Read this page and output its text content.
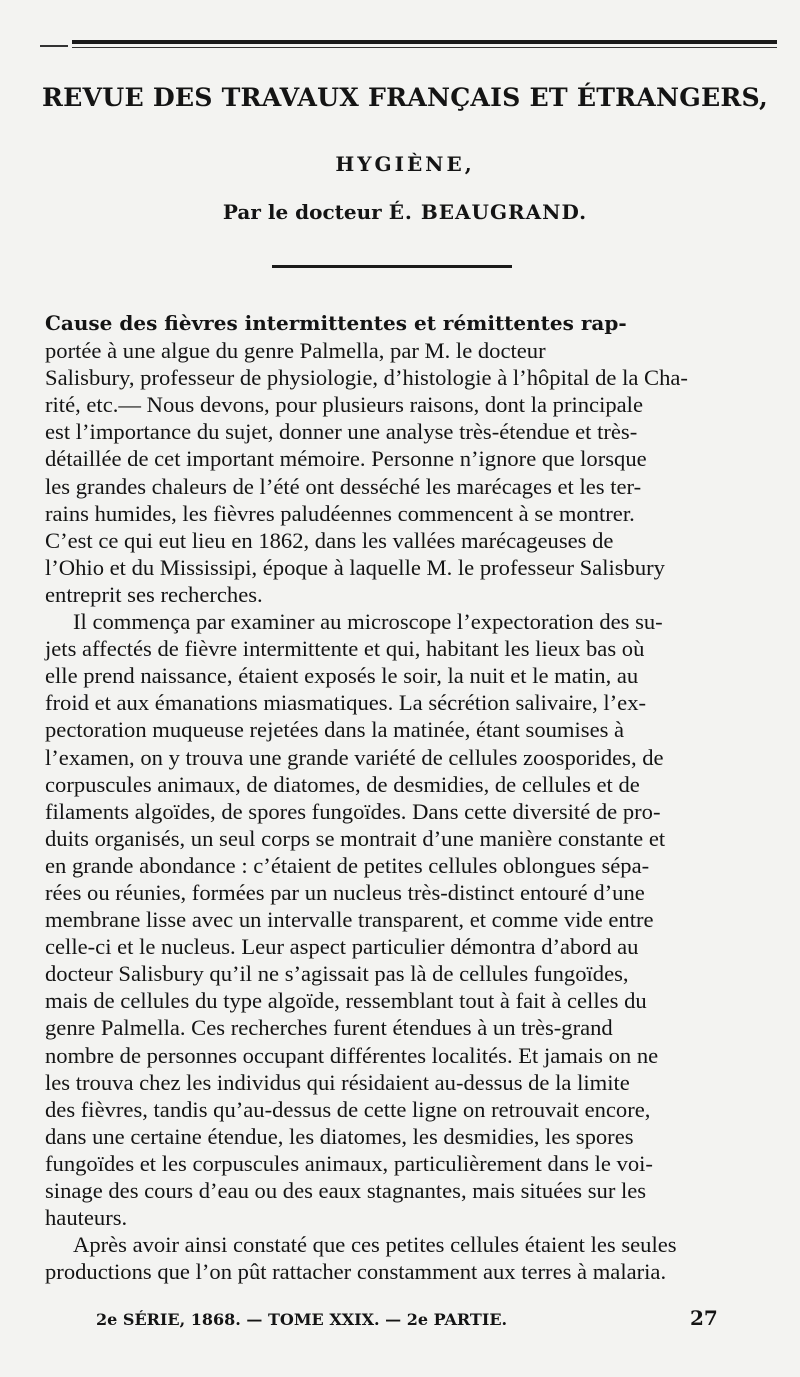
REVUE DES TRAVAUX FRANÇAIS ET ÉTRANGERS,
HYGIÈNE,
Par le docteur É. BEAUGRAND.

Cause des fièvres intermittentes et rémittentes rap-

portée à une algue du genre Palmella, par M. le docteur

Salisbury, professeur de physiologie, d’histologie à l’hôpital de la Cha-

rité, etc.— Nous devons, pour plusieurs raisons, dont la principale

est l’importance du sujet, donner une analyse très-étendue et très-

détaillée de cet important mémoire. Personne n’ignore que lorsque

les grandes chaleurs de l’été ont desséché les marécages et les ter-

rains humides, les fièvres paludéennes commencent à se montrer.

C’est ce qui eut lieu en 1862, dans les vallées marécageuses de

l’Ohio et du Mississipi, époque à laquelle M. le professeur Salisbury

entreprit ses recherches.

Il commença par examiner au microscope l’expectoration des su-

jets affectés de fièvre intermittente et qui, habitant les lieux bas où

elle prend naissance, étaient exposés le soir, la nuit et le matin, au

froid et aux émanations miasmatiques. La sécrétion salivaire, l’ex-

pectoration muqueuse rejetées dans la matinée, étant soumises à

l’examen, on y trouva une grande variété de cellules zoosporides, de

corpuscules animaux, de diatomes, de desmidies, de cellules et de

filaments algoïdes, de spores fungoïdes. Dans cette diversité de pro-

duits organisés, un seul corps se montrait d’une manière constante et

en grande abondance : c’étaient de petites cellules oblongues sépa-

rées ou réunies, formées par un nucleus très-distinct entouré d’une

membrane lisse avec un intervalle transparent, et comme vide entre

celle-ci et le nucleus. Leur aspect particulier démontra d’abord au

docteur Salisbury qu’il ne s’agissait pas là de cellules fungoïdes,

mais de cellules du type algoïde, ressemblant tout à fait à celles du

genre Palmella. Ces recherches furent étendues à un très-grand

nombre de personnes occupant différentes localités. Et jamais on ne

les trouva chez les individus qui résidaient au-dessus de la limite

des fièvres, tandis qu’au-dessus de cette ligne on retrouvait encore,

dans une certaine étendue, les diatomes, les desmidies, les spores

fungoïdes et les corpuscules animaux, particulièrement dans le voi-

sinage des cours d’eau ou des eaux stagnantes, mais situées sur les

hauteurs.

Après avoir ainsi constaté que ces petites cellules étaient les seules

productions que l’on pût rattacher constamment aux terres à malaria.

2e SÉRIE, 1868. — TOME XXIX. — 2e PARTIE.	27
